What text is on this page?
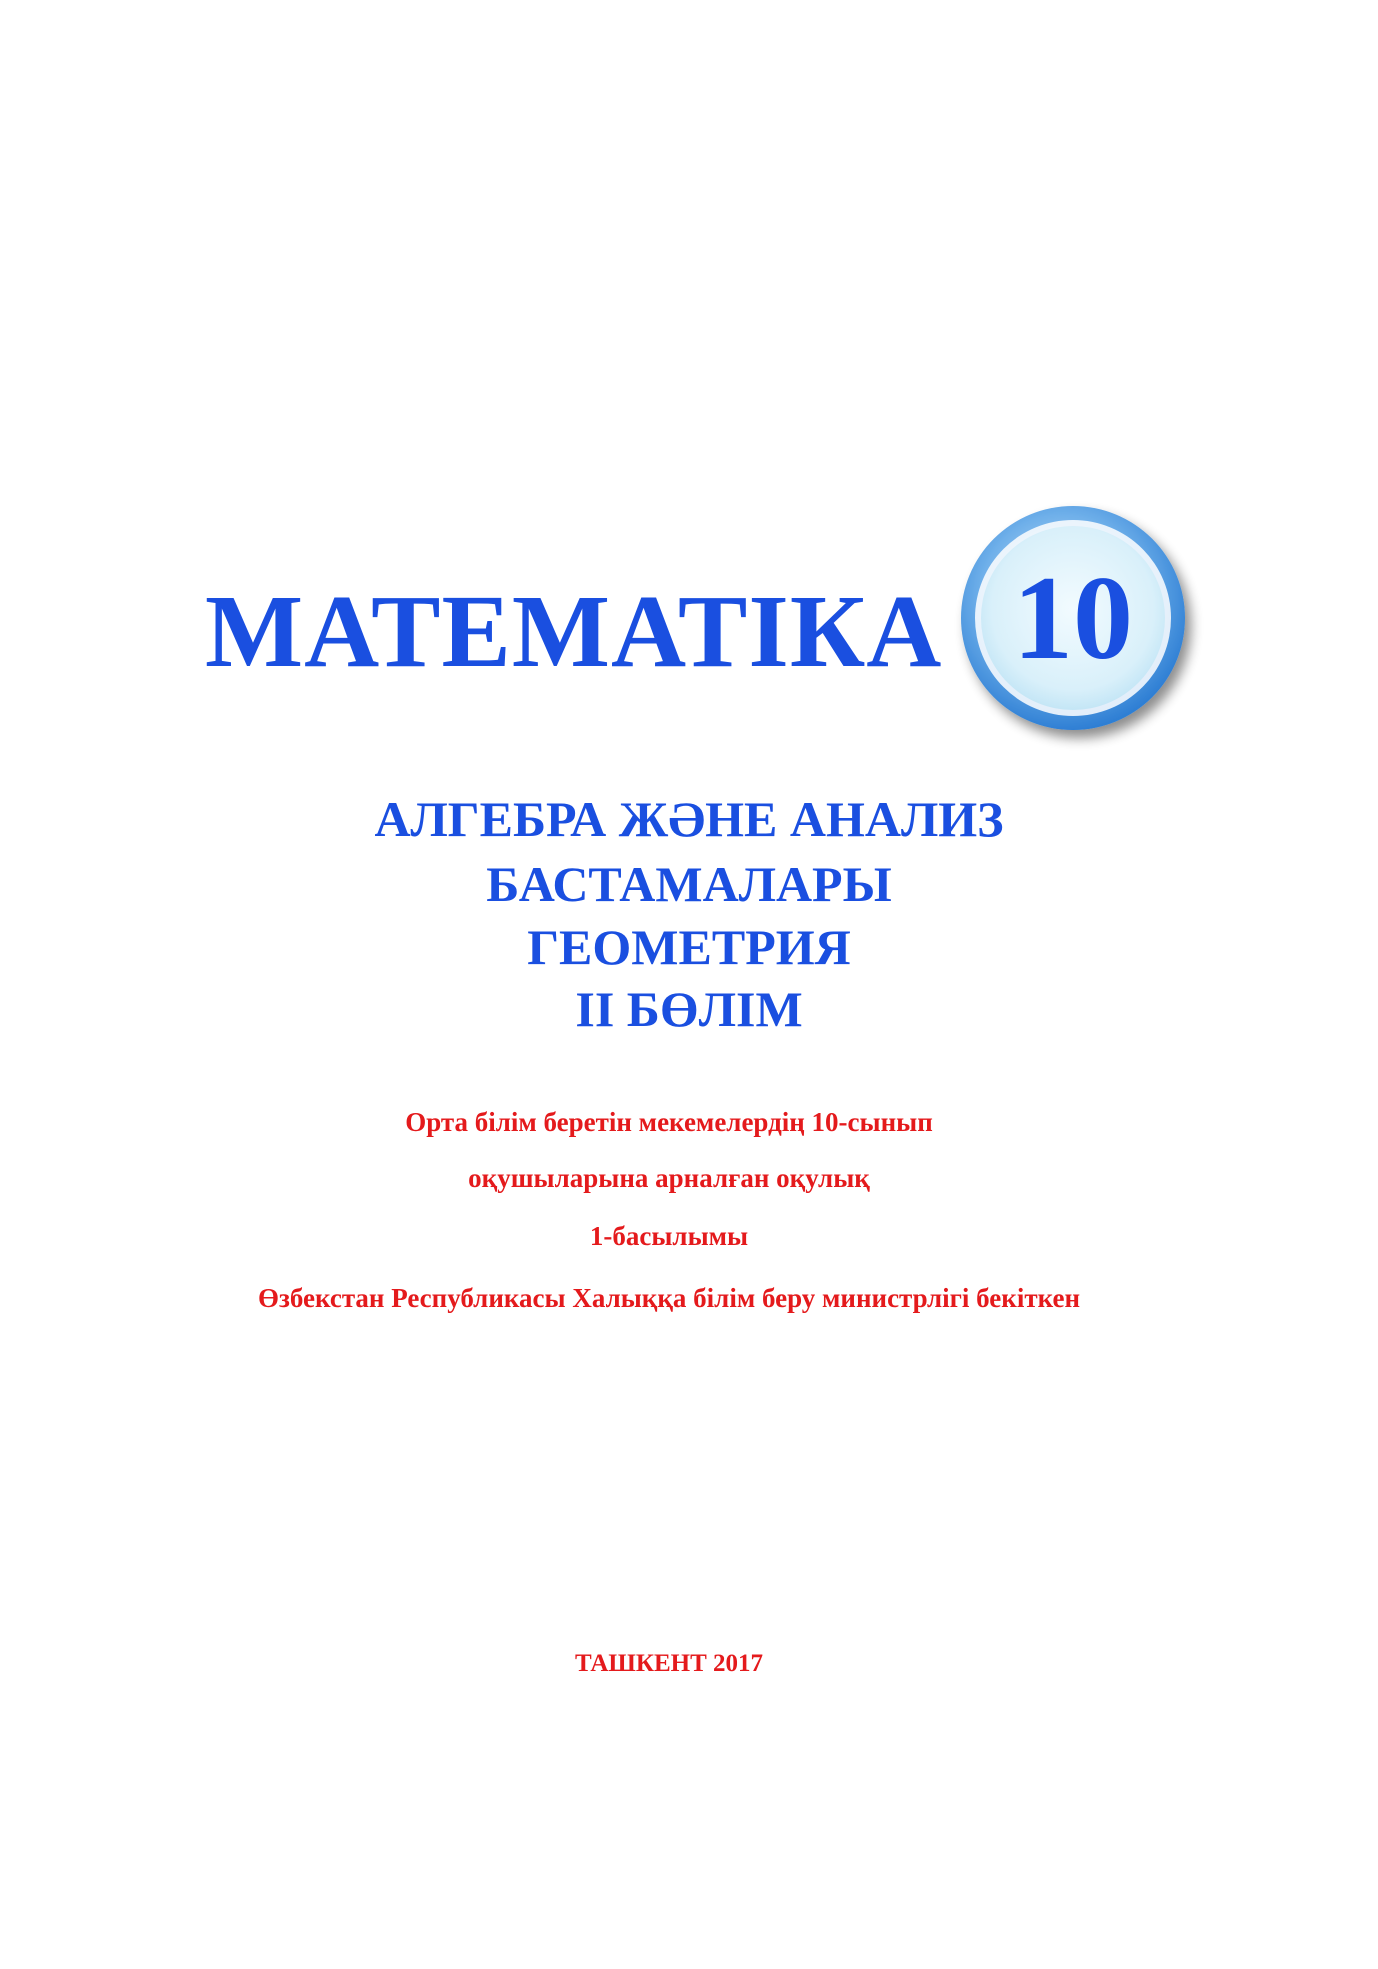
МАТЕМАТІКА 10
АЛГЕБРА ЖӘНЕ АНАЛИЗ
БАСТАМАЛАРЫ
ГЕОМЕТРИЯ
ІІ БӨЛІМ
Орта білім беретін мекемелердің 10-сынып
оқушыларына арналған оқулық
1-басылымы
Өзбекстан Республикасы Халыққа білім беру министрлігі бекіткен
ТАШКЕНТ 2017
